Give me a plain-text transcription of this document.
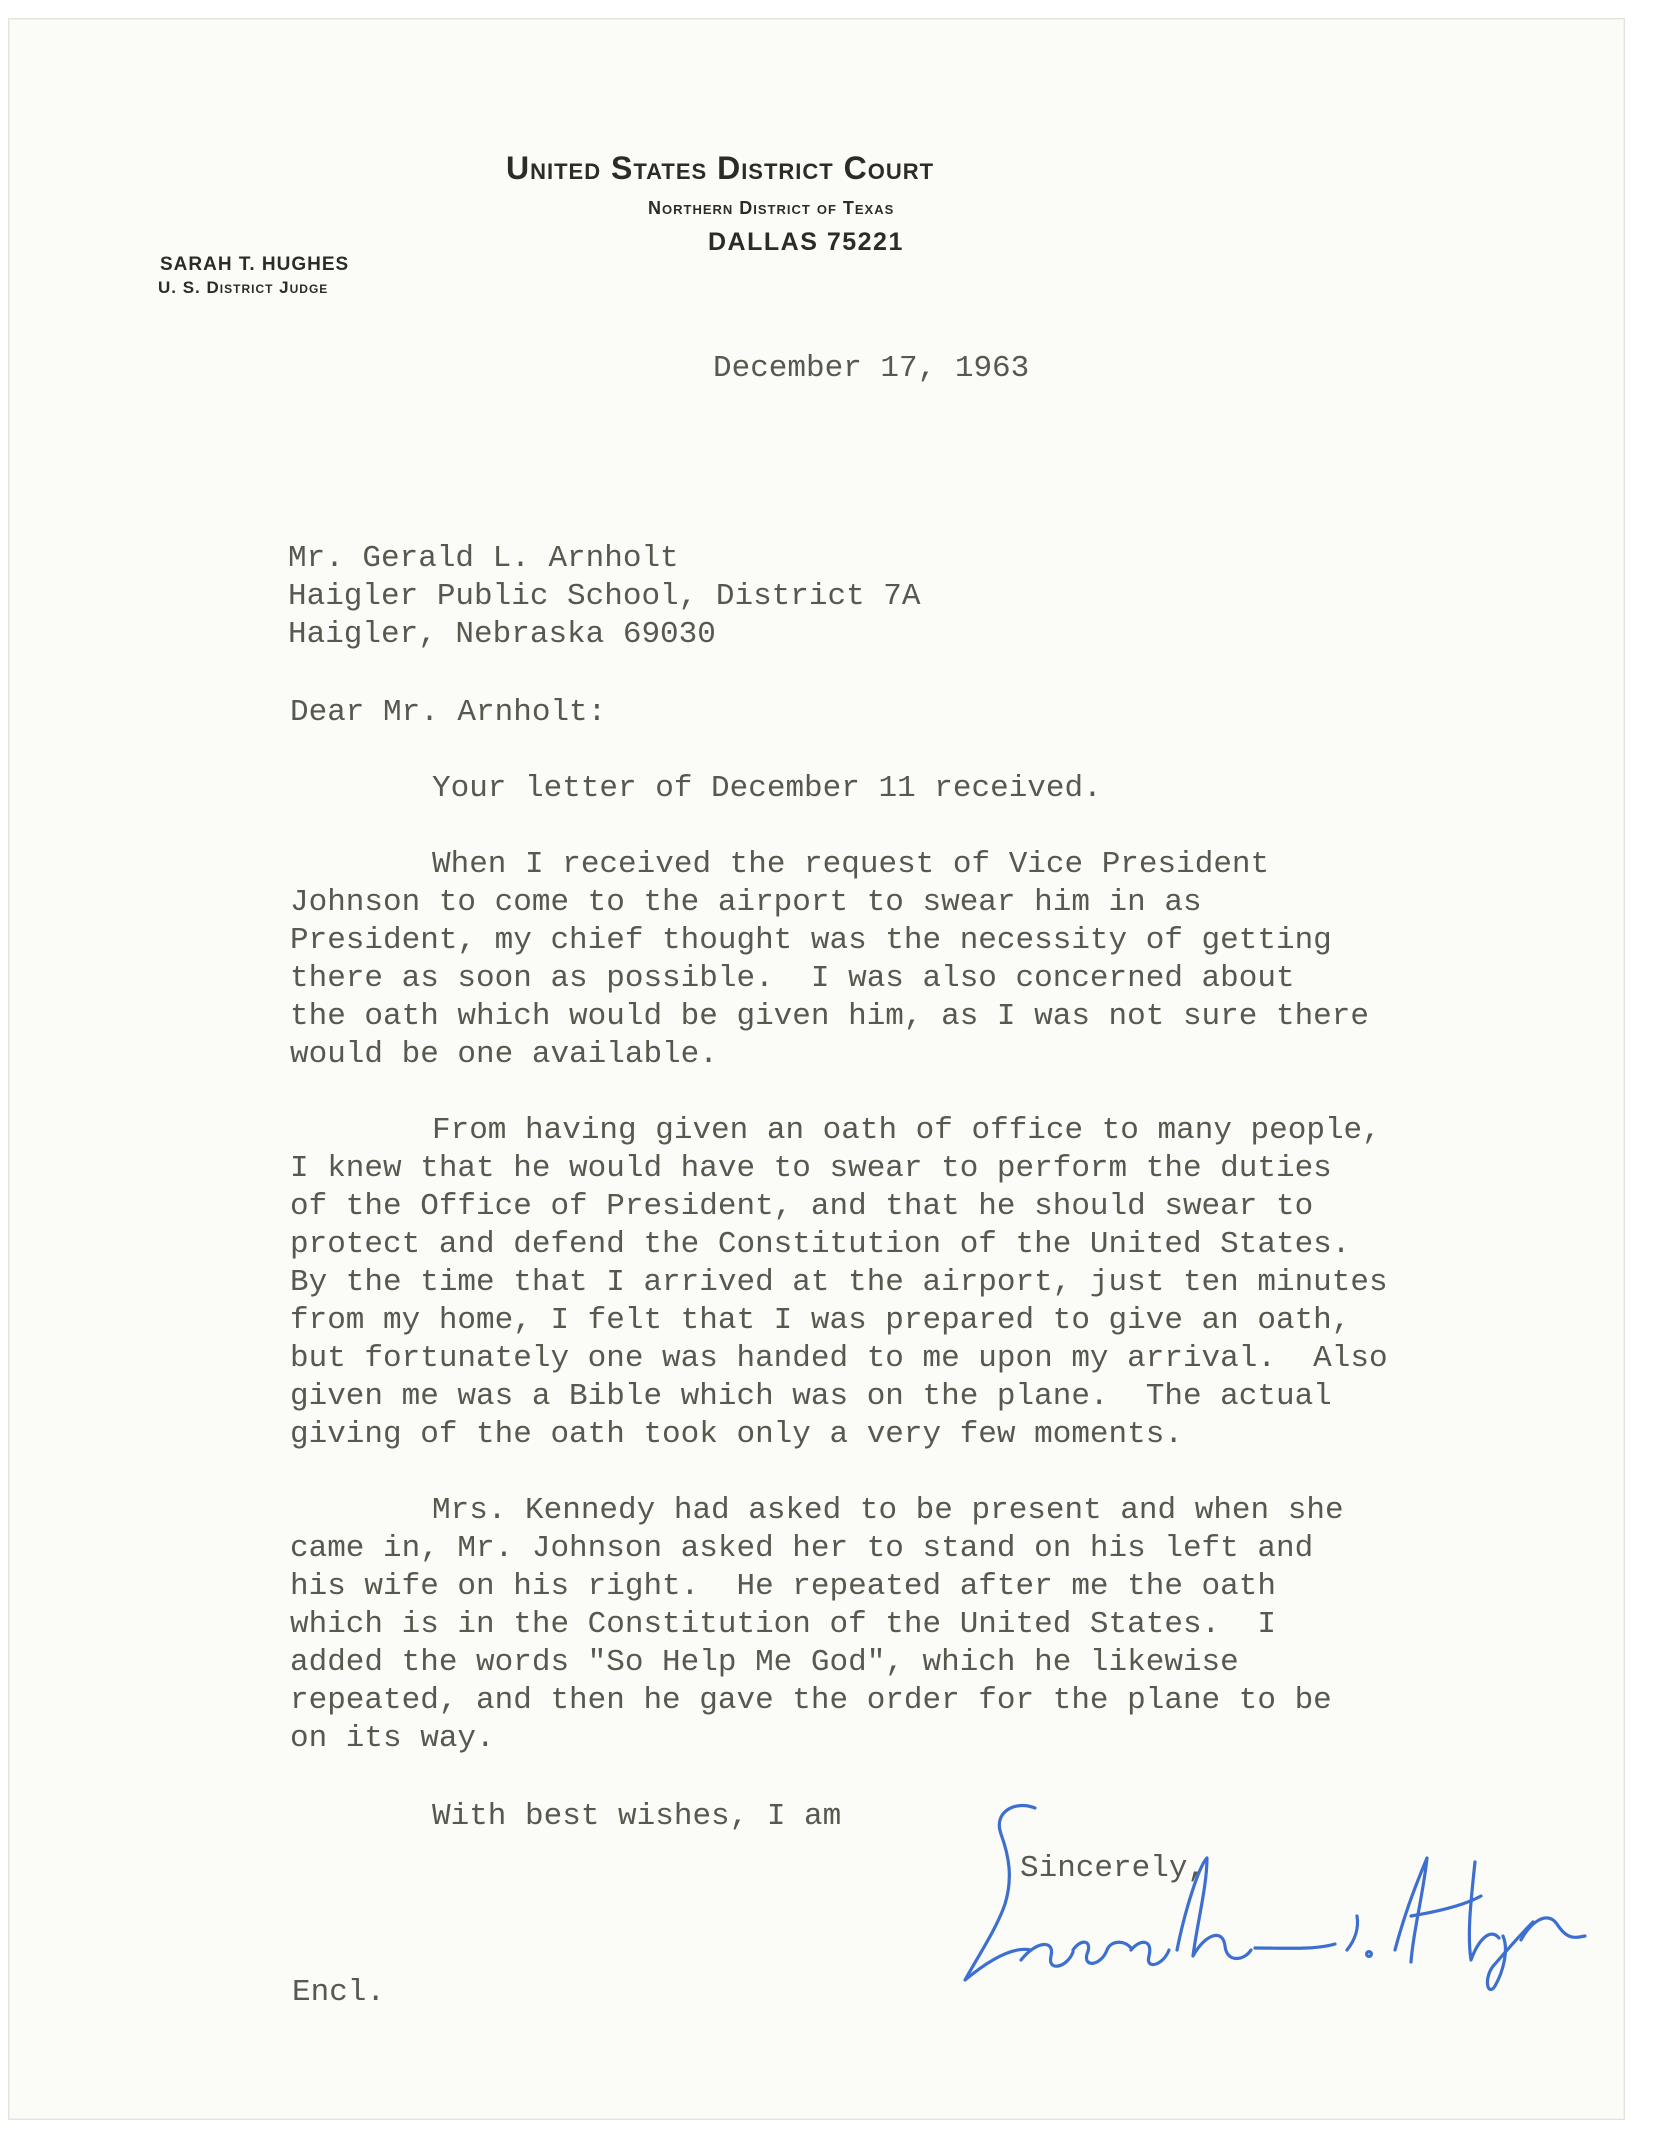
United States District Court
Northern District of Texas
DALLAS 75221
SARAH T. HUGHES
U. S. District Judge
December 17, 1963
Mr. Gerald L. Arnholt
Haigler Public School, District 7A
Haigler, Nebraska 69030
Dear Mr. Arnholt:
Your letter of December 11 received.
When I received the request of Vice President
Johnson to come to the airport to swear him in as
President, my chief thought was the necessity of getting
there as soon as possible.  I was also concerned about
the oath which would be given him, as I was not sure there
would be one available.
From having given an oath of office to many people,
I knew that he would have to swear to perform the duties
of the Office of President, and that he should swear to
protect and defend the Constitution of the United States.
By the time that I arrived at the airport, just ten minutes
from my home, I felt that I was prepared to give an oath,
but fortunately one was handed to me upon my arrival.  Also
given me was a Bible which was on the plane.  The actual
giving of the oath took only a very few moments.
Mrs. Kennedy had asked to be present and when she
came in, Mr. Johnson asked her to stand on his left and
his wife on his right.  He repeated after me the oath
which is in the Constitution of the United States.  I
added the words "So Help Me God", which he likewise
repeated, and then he gave the order for the plane to be
on its way.
With best wishes, I am
Sincerely,
Encl.
